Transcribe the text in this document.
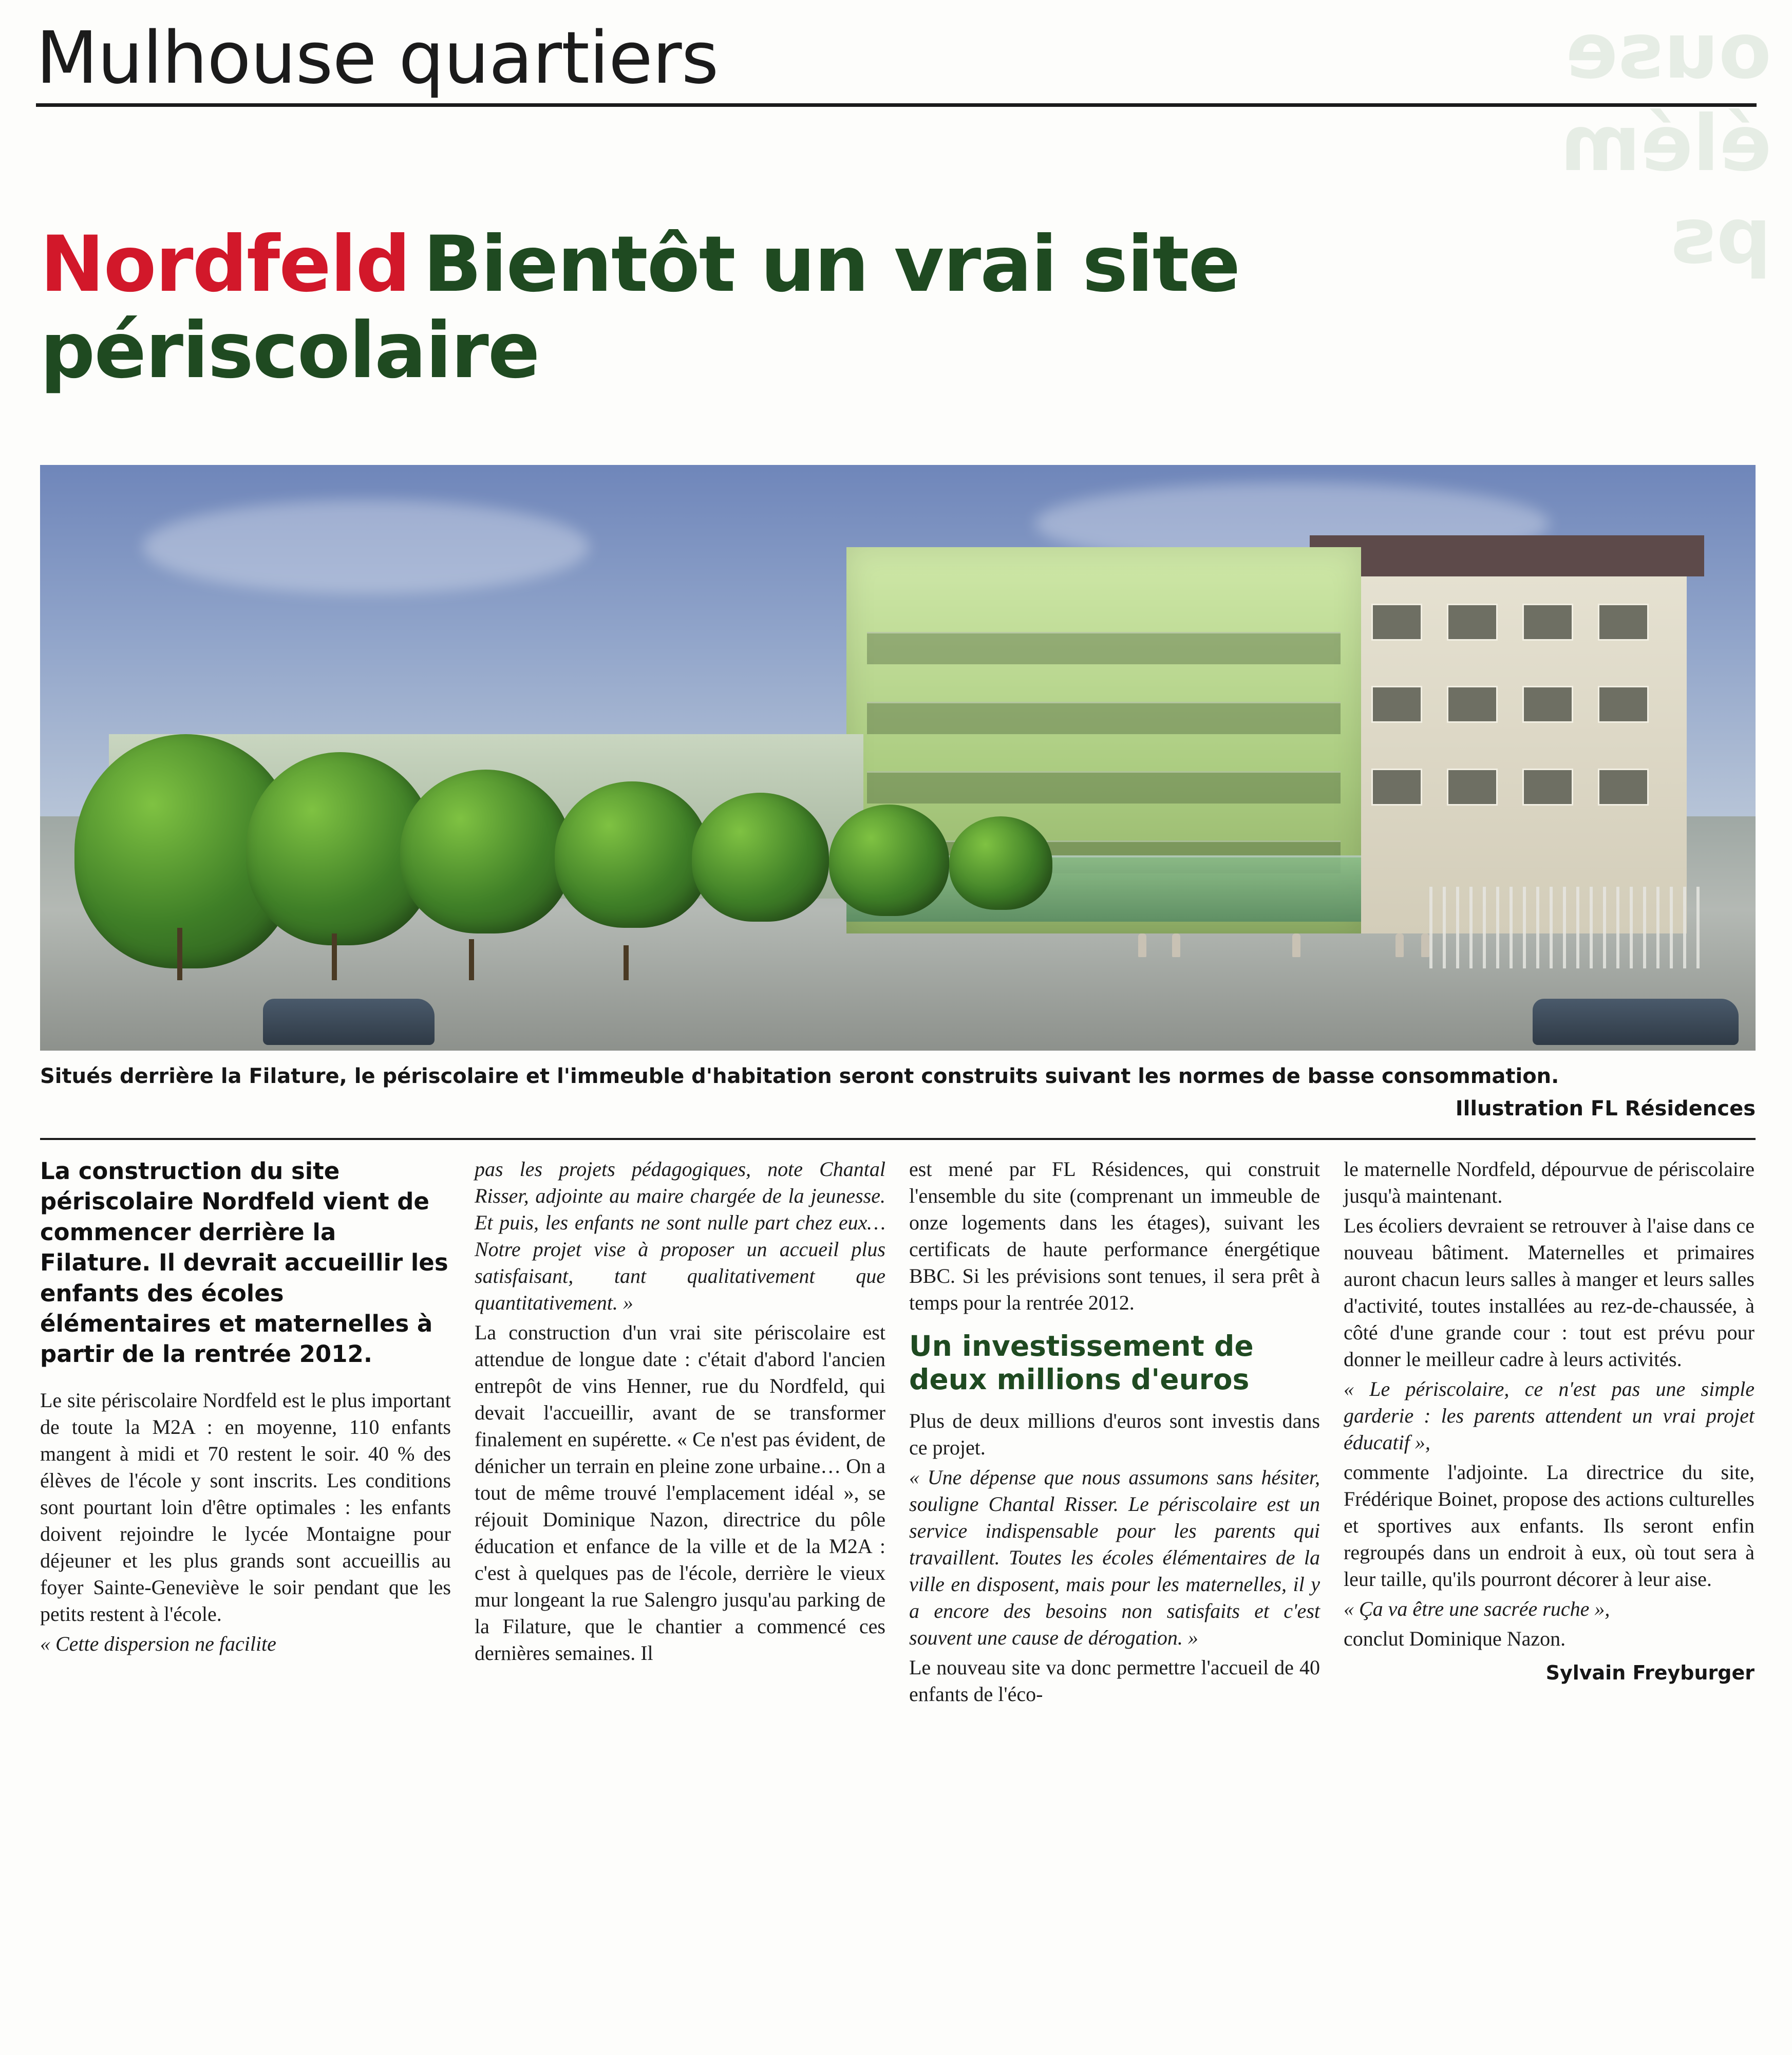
ouse
élém
ps
Mulhouse quartiers
Nordfeld Bientôt un vrai site périscolaire
Situés derrière la Filature, le périscolaire et l'immeuble d'habitation seront construits suivant les normes de basse consommation.
Illustration FL Résidences

La construction du site périscolaire Nordfeld vient de commencer derrière la Filature. Il devrait accueillir les enfants des écoles élémentaires et maternelles à partir de la rentrée 2012.

Le site périscolaire Nordfeld est le plus important de toute la M2A : en moyenne, 110 enfants mangent à midi et 70 restent le soir. 40 % des élèves de l'école y sont inscrits. Les conditions sont pourtant loin d'être optimales : les enfants doivent rejoindre le lycée Montaigne pour déjeuner et les plus grands sont accueillis au foyer Sainte-Geneviève le soir pendant que les petits restent à l'école.

« Cette dispersion ne facilite

pas les projets pédagogiques, note Chantal Risser, adjointe au maire chargée de la jeunesse. Et puis, les enfants ne sont nulle part chez eux… Notre projet vise à proposer un accueil plus satisfaisant, tant qualitativement que quantitativement. »

La construction d'un vrai site périscolaire est attendue de longue date : c'était d'abord l'ancien entrepôt de vins Henner, rue du Nordfeld, qui devait l'accueillir, avant de se transformer finalement en supérette. « Ce n'est pas évident, de dénicher un terrain en pleine zone urbaine… On a tout de même trouvé l'emplacement idéal », se réjouit Dominique Nazon, directrice du pôle éducation et enfance de la ville et de la M2A : c'est à quelques pas de l'école, derrière le vieux mur longeant la rue Salengro jusqu'au parking de la Filature, que le chantier a commencé ces dernières semaines. Il

est mené par FL Résidences, qui construit l'ensemble du site (comprenant un immeuble de onze logements dans les étages), suivant les certificats de haute performance énergétique BBC. Si les prévisions sont tenues, il sera prêt à temps pour la rentrée 2012.

Un investissement de deux millions d'euros

Plus de deux millions d'euros sont investis dans ce projet.

« Une dépense que nous assumons sans hésiter, souligne Chantal Risser. Le périscolaire est un service indispensable pour les parents qui travaillent. Toutes les écoles élémentaires de la ville en disposent, mais pour les maternelles, il y a encore des besoins non satisfaits et c'est souvent une cause de dérogation. »

Le nouveau site va donc permettre l'accueil de 40 enfants de l'éco-

le maternelle Nordfeld, dépourvue de périscolaire jusqu'à maintenant.

Les écoliers devraient se retrouver à l'aise dans ce nouveau bâtiment. Maternelles et primaires auront chacun leurs salles à manger et leurs salles d'activité, toutes installées au rez-de-chaussée, à côté d'une grande cour : tout est prévu pour donner le meilleur cadre à leurs activités.

« Le périscolaire, ce n'est pas une simple garderie : les parents attendent un vrai projet éducatif »,

commente l'adjointe. La directrice du site, Frédérique Boinet, propose des actions culturelles et sportives aux enfants. Ils seront enfin regroupés dans un endroit à eux, où tout sera à leur taille, qu'ils pourront décorer à leur aise.

« Ça va être une sacrée ruche »,

conclut Dominique Nazon.

Sylvain Freyburger
